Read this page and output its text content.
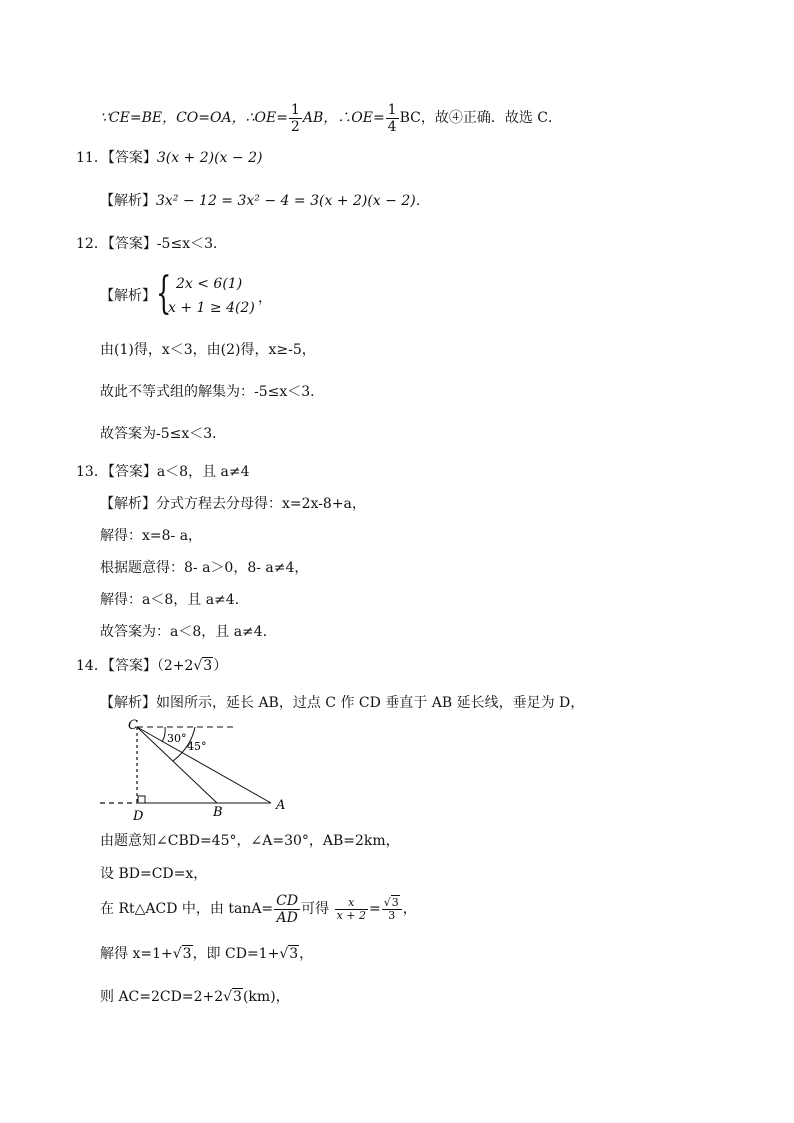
∵CE=BE，CO=OA，∴OE= $\frac{1}{2}$ AB，∴OE= $\frac{1}{4}$ BC，故④正确．故选 C．
11．【答案】3(x + 2)(x − 2)
【解析】3x² − 12 = 3x² − 4 = 3(x + 2)(x − 2)．
12．【答案】-5≤x＜3．
【解析】 { 2x < 6(1)
x + 1 ≥ 4(2)
，
由(1)得，x＜3，由(2)得，x≥-5，
故此不等式组的解集为：-5≤x＜3．
故答案为-5≤x＜3．
13．【答案】a＜8，且 a≠4
【解析】分式方程去分母得：x=2x-8+a，
解得：x=8- a，
根据题意得：8- a＞0，8- a≠4，
解得：a＜8，且 a≠4．
故答案为：a＜8，且 a≠4．
14．【答案】（2+2√3）
【解析】如图所示，延长 AB，过点 C 作 CD 垂直于 AB 延长线，垂足为 D，
C
D	B	A
30°
45°
由题意知∠CBD=45°，∠A=30°，AB=2km，
设 BD=CD=x，
在 Rt△ACD 中，由 $\tan A= \frac{CD}{AD}$ 可得 $\frac{x}{x + 2} = \frac{√3}{3}$ ，
解得 x=1+√3，即 CD=1+√3，
则 AC=2CD=2+2√3(km)，
